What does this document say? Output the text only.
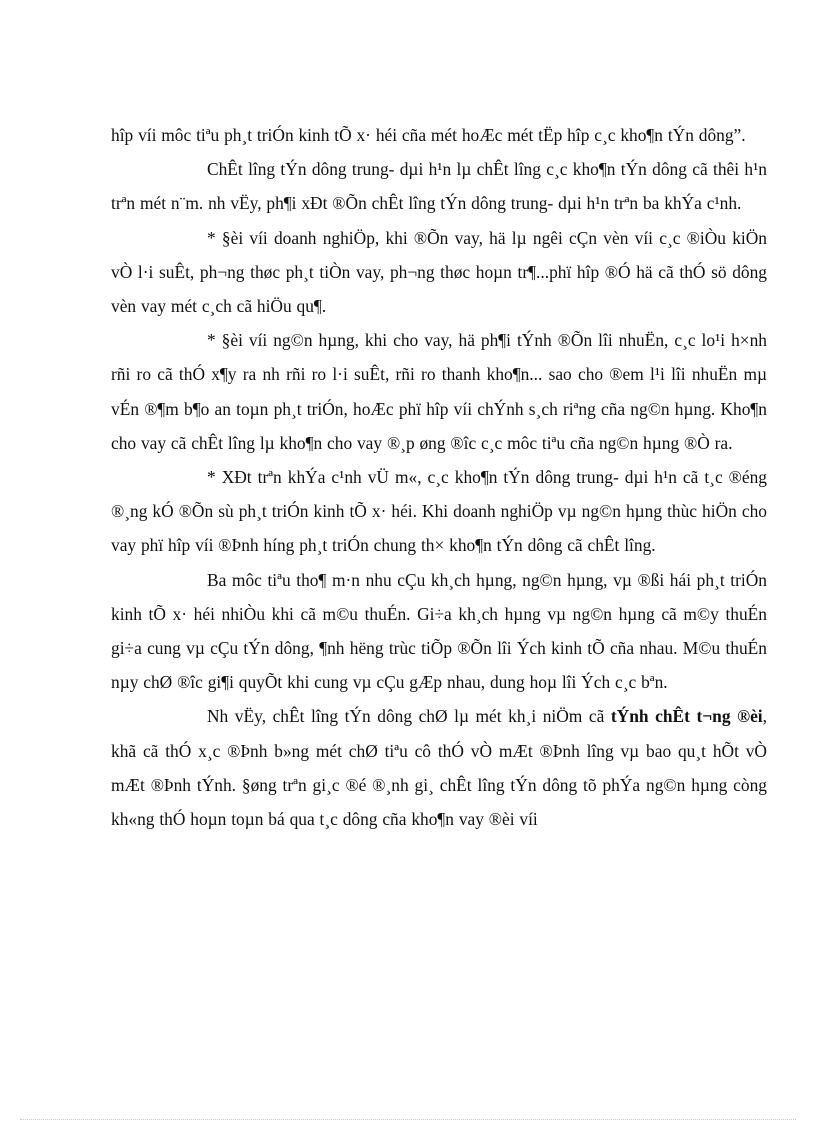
hîp víi môc tiªu ph¸t triÓn kinh tÕ x· héi cña mét hoÆc mét tËp hîp c¸c kho¶n tÝn dông”.

ChÊt lîng tÝn dông trung- dµi h¹n lµ chÊt lîng c¸c kho¶n tÝn dông cã thêi h¹n trªn mét n¨m. nh vËy, ph¶i xÐt ®Õn chÊt lîng tÝn dông trung- dµi h¹n trªn ba khÝa c¹nh.

* §èi víi doanh nghiÖp, khi ®Õn vay, hä lµ ngêi cÇn vèn víi c¸c ®iÒu kiÖn vÒ l·i suÊt, ph¬ng thøc ph¸t tiÒn vay, ph¬ng thøc hoµn tr¶...phï hîp ®Ó hä cã thÓ sö dông vèn vay mét c¸ch cã hiÖu qu¶.

* §èi víi ng©n hµng, khi cho vay, hä ph¶i tÝnh ®Õn lîi nhuËn, c¸c lo¹i h×nh rñi ro cã thÓ x¶y ra nh rñi ro l·i suÊt, rñi ro thanh kho¶n... sao cho ®em l¹i lîi nhuËn mµ vÉn ®¶m b¶o an toµn ph¸t triÓn, hoÆc phï hîp víi chÝnh s¸ch riªng cña ng©n hµng. Kho¶n cho vay cã chÊt lîng lµ kho¶n cho vay ®¸p øng ®îc c¸c môc tiªu cña ng©n hµng ®Ò ra.

* XÐt trªn khÝa c¹nh vÜ m«, c¸c kho¶n tÝn dông trung- dµi h¹n cã t¸c ®éng ®¸ng kÓ ®Õn sù ph¸t triÓn kinh tÕ x· héi. Khi doanh nghiÖp vµ ng©n hµng thùc hiÖn cho vay phï hîp víi ®Þnh híng ph¸t triÓn chung th× kho¶n tÝn dông cã chÊt lîng.

Ba môc tiªu tho¶ m·n nhu cÇu kh¸ch hµng, ng©n hµng, vµ ®ßi hái ph¸t triÓn kinh tÕ x· héi nhiÒu khi cã m©u thuÉn. Gi÷a kh¸ch hµng vµ ng©n hµng cã m©y thuÉn gi÷a cung vµ cÇu tÝn dông, ¶nh hëng trùc tiÕp ®Õn lîi Ých kinh tÕ cña nhau. M©u thuÉn nµy chØ ®îc gi¶i quyÕt khi cung vµ cÇu gÆp nhau, dung hoµ lîi Ých c¸c bªn.

Nh vËy, chÊt lîng tÝn dông chØ lµ mét kh¸i niÖm cã tÝnh chÊt t¬ng ®èi, khã cã thÓ x¸c ®Þnh b»ng mét chØ tiªu cô thÓ vÒ mÆt ®Þnh lîng vµ bao qu¸t hÕt vÒ mÆt ®Þnh tÝnh. §øng trªn gi¸c ®é ®¸nh gi¸ chÊt lîng tÝn dông tõ phÝa ng©n hµng còng kh«ng thÓ hoµn toµn bá qua t¸c dông cña kho¶n vay ®èi víi
